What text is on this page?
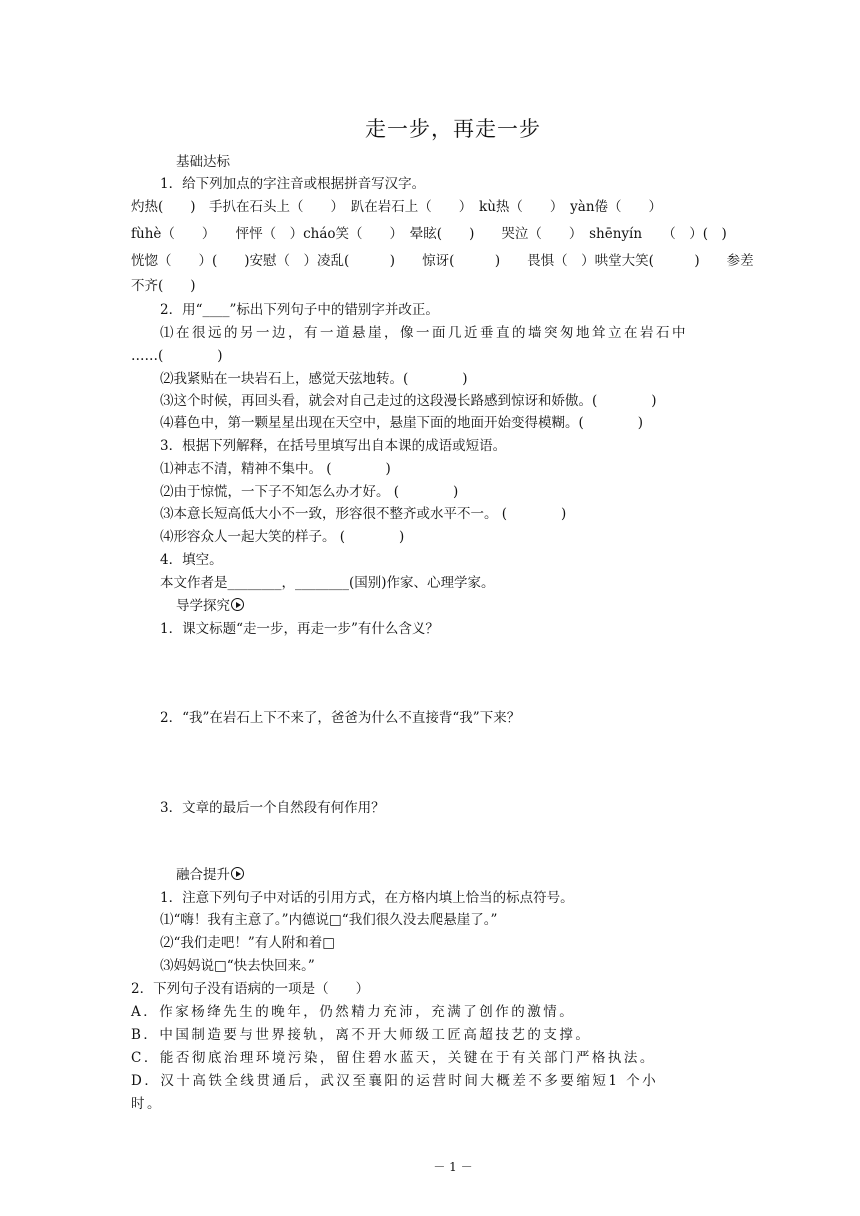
走一步，再走一步
基础达标
1．给下列加点的字注音或根据拼音写汉字。
灼热(　　)　手扒在石头上（　　）　趴在岩石上（　　）　kù热（　　）　yàn倦（　　）
fùhè（　　）　　怦怦（　）cháo笑（　　）　晕眩(　　)　　哭泣（　　）　shēnyín　　（　）(　)
恍惚（　　）(　　)安慰（　）凌乱(　　　)　　惊讶(　　　)　　畏惧（　）哄堂大笑(　　　)　　参差
不齐(　　)
2．用“____”标出下列句子中的错别字并改正。
⑴在很远的另一边，有一道悬崖，像一面几近垂直的墙突匆地耸立在岩石中
……(　　　　)
⑵我紧贴在一块岩石上，感觉天弦地转。(　　　　)
⑶这个时候，再回头看，就会对自己走过的这段漫长路感到惊讶和娇傲。(　　　　)
⑷暮色中，第一颗星星出现在天空中，悬崖下面的地面开始变得模糊。(　　　　)
3．根据下列解释，在括号里填写出自本课的成语或短语。
⑴神志不清，精神不集中。 (　　　　)
⑵由于惊慌，一下子不知怎么办才好。 (　　　　)
⑶本意长短高低大小不一致，形容很不整齐或水平不一。 (　　　　)
⑷形容众人一起大笑的样子。 (　　　　)
4．填空。
本文作者是________，________(国别)作家、心理学家。
导学探究
1．课文标题“走一步，再走一步”有什么含义？
2．“我”在岩石上下不来了，爸爸为什么不直接背“我”下来？
3．文章的最后一个自然段有何作用？
融合提升
1．注意下列句子中对话的引用方式，在方格内填上恰当的标点符号。
⑴“嗨！我有主意了。”内德说□“我们很久没去爬悬崖了。”
⑵“我们走吧！”有人附和着□
⑶妈妈说□“快去快回来。”
2．下列句子没有语病的一项是（　　）
A．作家杨绛先生的晚年，仍然精力充沛，充满了创作的激情。
B．中国制造要与世界接轨，离不开大师级工匠高超技艺的支撑。
C．能否彻底治理环境污染，留住碧水蓝天，关键在于有关部门严格执法。
D．汉十高铁全线贯通后，武汉至襄阳的运营时间大概差不多要缩短1 个小
时。
－ 1 －
